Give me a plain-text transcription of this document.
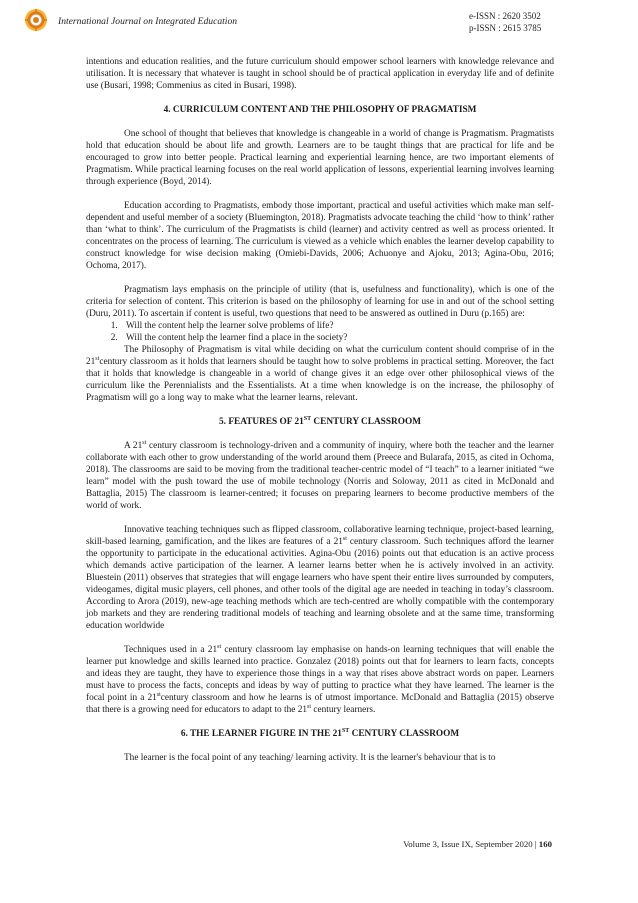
International Journal on Integrated Education	e-ISSN : 2620 3502
p-ISSN : 2615 3785

intentions and education realities, and the future curriculum should empower school learners with knowledge relevance and utilisation. It is necessary that whatever is taught in school should be of practical application in everyday life and of definite use (Busari, 1998; Commenius as cited in Busari, 1998).

4. CURRICULUM CONTENT AND THE PHILOSOPHY OF PRAGMATISM

One school of thought that believes that knowledge is changeable in a world of change is Pragmatism. Pragmatists hold that education should be about life and growth. Learners are to be taught things that are practical for life and be encouraged to grow into better people. Practical learning and experiential learning hence, are two important elements of Pragmatism. While practical learning focuses on the real world application of lessons, experiential learning involves learning through experience (Boyd, 2014).

Education according to Pragmatists, embody those important, practical and useful activities which make man self-dependent and useful member of a society (Bluemington, 2018). Pragmatists advocate teaching the child ‘how to think’ rather than ‘what to think’. The curriculum of the Pragmatists is child (learner) and activity centred as well as process oriented. It concentrates on the process of learning. The curriculum is viewed as a vehicle which enables the learner develop capability to construct knowledge for wise decision making (Omiebi-Davids, 2006; Achuonye and Ajoku, 2013; Agina-Obu, 2016; Ochoma, 2017).

Pragmatism lays emphasis on the principle of utility (that is, usefulness and functionality), which is one of the criteria for selection of content. This criterion is based on the philosophy of learning for use in and out of the school setting (Duru, 2011). To ascertain if content is useful, two questions that need to be answered as outlined in Duru (p.165) are:

1. Will the content help the learner solve problems of life?
2. Will the content help the learner find a place in the society?

The Philosophy of Pragmatism is vital while deciding on what the curriculum content should comprise of in the 21stcentury classroom as it holds that learners should be taught how to solve problems in practical setting. Moreover, the fact that it holds that knowledge is changeable in a world of change gives it an edge over other philosophical views of the curriculum like the Perennialists and the Essentialists. At a time when knowledge is on the increase, the philosophy of Pragmatism will go a long way to make what the learner learns, relevant.

5. FEATURES OF 21ST CENTURY CLASSROOM

A 21st century classroom is technology-driven and a community of inquiry, where both the teacher and the learner collaborate with each other to grow understanding of the world around them (Preece and Bularafa, 2015, as cited in Ochoma, 2018). The classrooms are said to be moving from the traditional teacher-centric model of “I teach” to a learner initiated “we learn” model with the push toward the use of mobile technology (Norris and Soloway, 2011 as cited in McDonald and Battaglia, 2015) The classroom is learner-centred; it focuses on preparing learners to become productive members of the world of work.

Innovative teaching techniques such as flipped classroom, collaborative learning technique, project-based learning, skill-based learning, gamification, and the likes are features of a 21st century classroom. Such techniques afford the learner the opportunity to participate in the educational activities. Agina-Obu (2016) points out that education is an active process which demands active participation of the learner. A learner learns better when he is actively involved in an activity. Bluestein (2011) observes that strategies that will engage learners who have spent their entire lives surrounded by computers, videogames, digital music players, cell phones, and other tools of the digital age are needed in teaching in today’s classroom. According to Arora (2019), new-age teaching methods which are tech-centred are wholly compatible with the contemporary job markets and they are rendering traditional models of teaching and learning obsolete and at the same time, transforming education worldwide

Techniques used in a 21st century classroom lay emphasise on hands-on learning techniques that will enable the learner put knowledge and skills learned into practice. Gonzalez (2018) points out that for learners to learn facts, concepts and ideas they are taught, they have to experience those things in a way that rises above abstract words on paper. Learners must have to process the facts, concepts and ideas by way of putting to practice what they have learned. The learner is the focal point in a 21stcentury classroom and how he learns is of utmost importance. McDonald and Battaglia (2015) observe that there is a growing need for educators to adapt to the 21st century learners.

6. THE LEARNER FIGURE IN THE 21ST CENTURY CLASSROOM

The learner is the focal point of any teaching/ learning activity. It is the learner's behaviour that is to

Volume 3, Issue IX, September 2020 | 160
